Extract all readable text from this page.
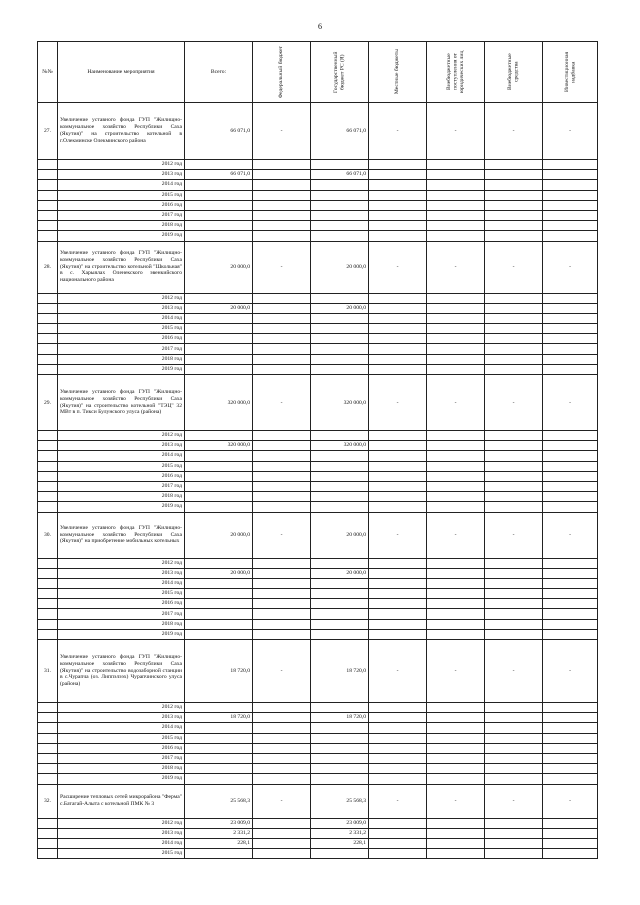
6
№№	Наименование мероприятия	Всего:	Федеральный бюджет	Государственный бюджет РС (Я)	Местные бюджеты	Внебюджетные поступления от юридических лиц	Внебюджетные средства	Инвестиционная надбавка

27.	Увеличение уставного фонда ГУП "Жилищно-коммунальное хозяйство Республики Саха (Якутия)" на строительство котельной в г.Олекминске Олекминского района	66 071,0	-	66 071,0	-	-	-	-
	2012 год							
	2013 год	66 071,0		66 071,0				
	2014 год							
	2015 год							
	2016 год							
	2017 год							
	2018 год							
	2019 год							
28.	Увеличение уставного фонда ГУП "Жилищно-коммунальное хозяйство Республики Саха (Якутия)" на строительство котельной "Школьная" в с. Харыялах Оленекского эвенкийского национального района	20 000,0	-	20 000,0	-	-	-	-
	2012 год							
	2013 год	20 000,0		20 000,0				
	2014 год							
	2015 год							
	2016 год							
	2017 год							
	2018 год							
	2019 год							
29.	Увеличение уставного фонда ГУП "Жилищно-коммунальное хозяйство Республики Саха (Якутия)" на строительство котельной "ТЭЦ" 32 МВт в п. Тикси Булунского улуса (района)	320 000,0	-	320 000,0	-	-	-	-
	2012 год							
	2013 год	320 000,0		320 000,0				
	2014 год							
	2015 год							
	2016 год							
	2017 год							
	2018 год							
	2019 год							
30.	Увеличение уставного фонда ГУП "Жилищно-коммунальное хозяйство Республики Саха (Якутия)" на приобретение мобильных котельных	20 000,0	-	20 000,0	-	-	-	-
	2012 год							
	2013 год	20 000,0		20 000,0				
	2014 год							
	2015 год							
	2016 год							
	2017 год							
	2018 год							
	2019 год							
31.	Увеличение уставного фонда ГУП "Жилищно-коммунальное хозяйство Республики Саха (Якутия)" на строительство водозаборной станции в с.Чурапча (оз. Липпэлээх) Чурапчинского улуса (района)	18 720,0	-	18 720,0	-	-	-	-
	2012 год							
	2013 год	18 720,0		18 720,0				
	2014 год							
	2015 год							
	2016 год							
	2017 год							
	2018 год							
	2019 год							
32.	Расширение тепловых сетей микрорайона "Ферма" с.Батагай-Алыта с котельной ПМК № 3	25 568,3	-	25 568,3	-	-	-	-
	2012 год	23 009,0		23 009,0				
	2013 год	2 331,2		2 331,2				
	2014 год	228,1		228,1				
	2015 год							
